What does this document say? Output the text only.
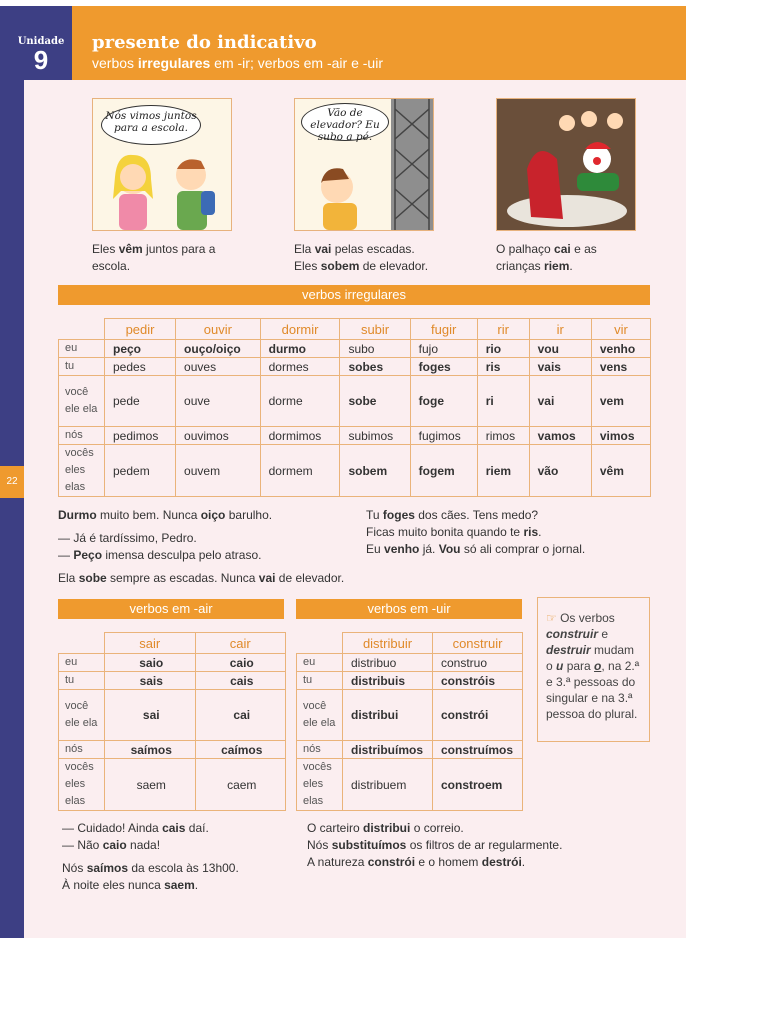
22
Unidade
9
presente do indicativo
verbos irregulares em -ir; verbos em -air e -uir
Nós vimos juntos para a escola.
Vão de elevador? Eu subo a pé.
Eles vêm juntos para a
escola.
Ela vai pelas escadas.
Eles sobem de elevador.
O palhaço cai e as
crianças riem.
verbos irregulares
	pedir	ouvir	dormir	subir	fugir	rir	ir	vir
eu	peço	ouço/oiço	durmo	subo	fujo	rio	vou	venho
tu	pedes	ouves	dormes	sobes	foges	ris	vais	vens
você ele ela	pede	ouve	dorme	sobe	foge	ri	vai	vem
nós	pedimos	ouvimos	dormimos	subimos	fugimos	rimos	vamos	vimos
vocês eles elas	pedem	ouvem	dormem	sobem	fogem	riem	vão	vêm
Durmo muito bem. Nunca oiço barulho.
— Já é tardíssimo, Pedro.
— Peço imensa desculpa pelo atraso.
Ela sobe sempre as escadas. Nunca vai de elevador.
Tu foges dos cães. Tens medo?
Ficas muito bonita quando te ris.
Eu venho já. Vou só ali comprar o jornal.
verbos em -air
	sair	cair
eu	saio	caio
tu	sais	cais
você ele ela	sai	cai
nós	saímos	caímos
vocês eles elas	saem	caem
verbos em -uir
	distribuir	construir
eu	distribuo	construo
tu	distribuis	constróis
você ele ela	distribui	constrói
nós	distribuímos	construímos
vocês eles elas	distribuem	constroem
☞ Os verbos construir e destruir mudam o u para o, na 2.ª e 3.ª pessoas do singular e na 3.ª pessoa do plural.
— Cuidado! Ainda cais daí.
— Não caio nada!
Nós saímos da escola às 13h00.
À noite eles nunca saem.
O carteiro distribui o correio.
Nós substituímos os filtros de ar regularmente.
A natureza constrói e o homem destrói.
